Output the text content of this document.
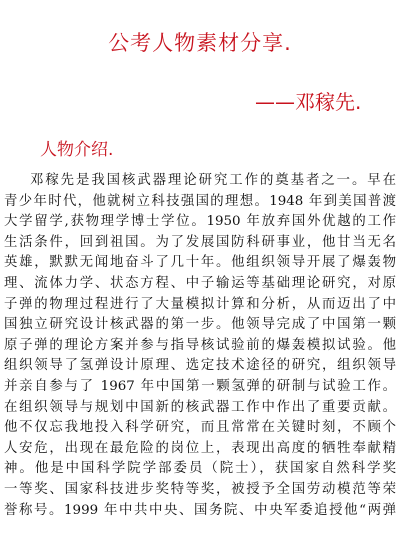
公考人物素材分享.
——邓稼先.
人物介绍.
邓稼先是我国核武器理论研究工作的奠基者之一。早在
青少年时代，他就树立科技强国的理想。1948 年到美国普渡
大学留学,获物理学博士学位。1950 年放弃国外优越的工作
生活条件，回到祖国。为了发展国防科研事业，他甘当无名
英雄，默默无闻地奋斗了几十年。他组织领导开展了爆轰物
理、流体力学、状态方程、中子输运等基础理论研究，对原
子弹的物理过程进行了大量模拟计算和分析，从而迈出了中
国独立研究设计核武器的第一步。他领导完成了中国第一颗
原子弹的理论方案并参与指导核试验前的爆轰模拟试验。他
组织领导了氢弹设计原理、选定技术途径的研究，组织领导
并亲自参与了 1967 年中国第一颗氢弹的研制与试验工作。
在组织领导与规划中国新的核武器工作中作出了重要贡献。
他不仅忘我地投入科学研究，而且常常在关键时刻，不顾个
人安危，出现在最危险的岗位上，表现出高度的牺牲奉献精
神。他是中国科学院学部委员（院士），获国家自然科学奖
一等奖、国家科技进步奖特等奖，被授予全国劳动模范等荣
誉称号。1999 年中共中央、国务院、中央军委追授他“两弹
